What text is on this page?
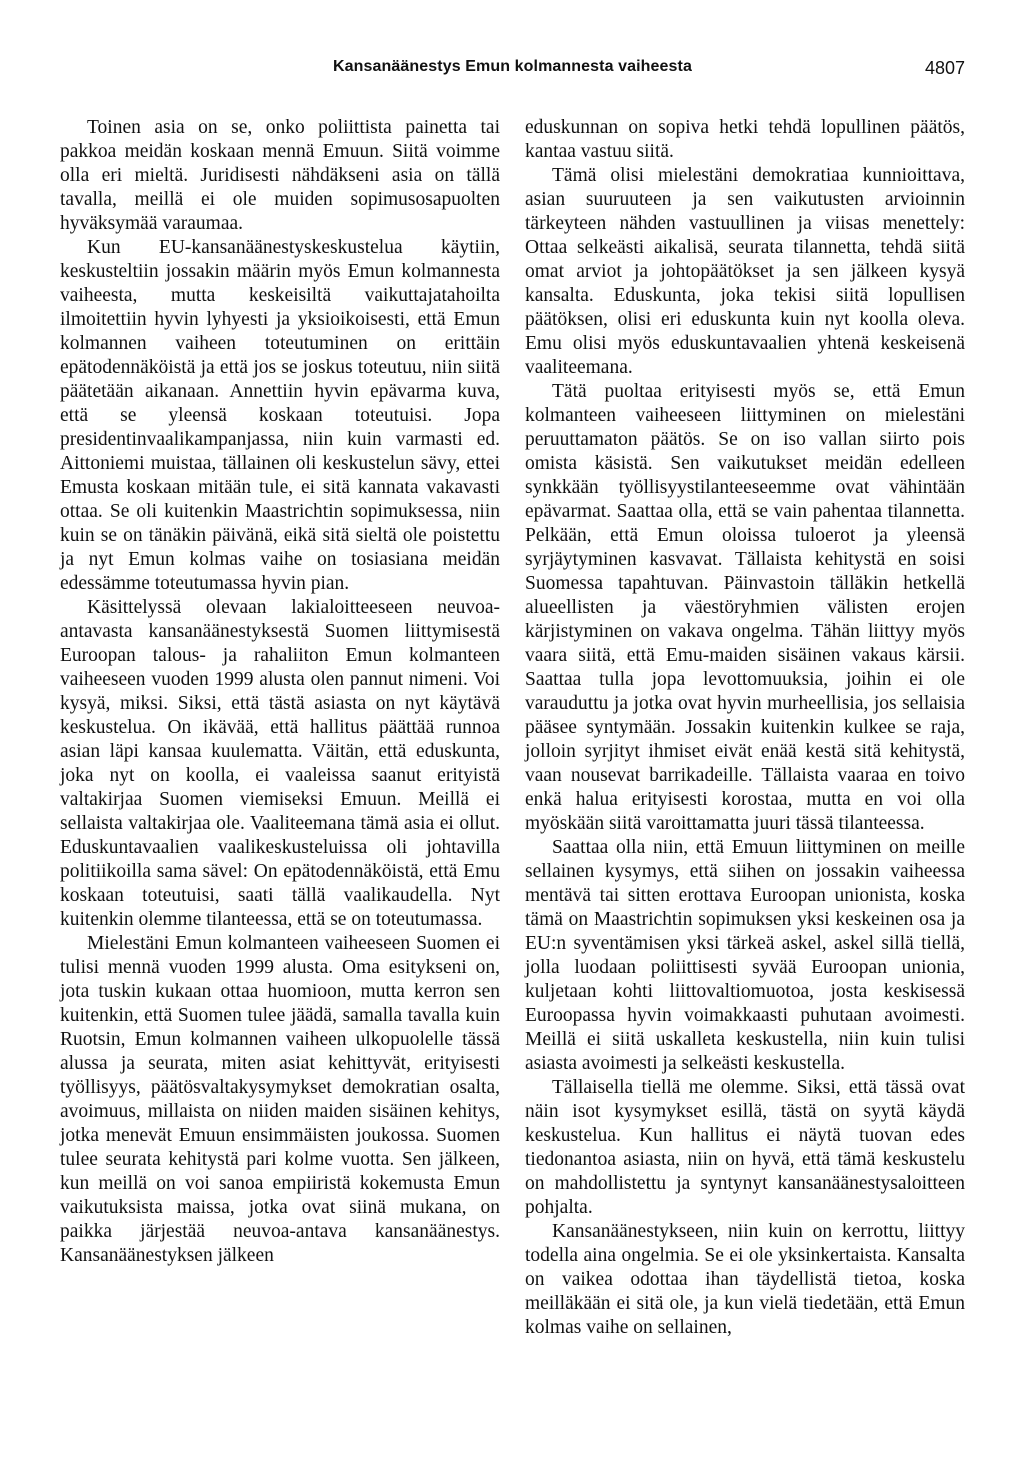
Kansanäänestys Emun kolmannesta vaiheesta	4807

Toinen asia on se, onko poliittista painetta tai pakkoa meidän koskaan mennä Emuun. Siitä voimme olla eri mieltä. Juridisesti nähdäkseni asia on tällä tavalla, meillä ei ole muiden sopimusosapuolten hyväksymää varaumaa.

Kun EU-kansanäänestyskeskustelua käytiin, keskusteltiin jossakin määrin myös Emun kolmannesta vaiheesta, mutta keskeisiltä vaikuttajatahoilta ilmoitettiin hyvin lyhyesti ja yksioikoisesti, että Emun kolmannen vaiheen toteutuminen on erittäin epätodennäköistä ja että jos se joskus toteutuu, niin siitä päätetään aikanaan. Annettiin hyvin epävarma kuva, että se yleensä koskaan toteutuisi. Jopa presidentinvaalikampanjassa, niin kuin varmasti ed. Aittoniemi muistaa, tällainen oli keskustelun sävy, ettei Emusta koskaan mitään tule, ei sitä kannata vakavasti ottaa. Se oli kuitenkin Maastrichtin sopimuksessa, niin kuin se on tänäkin päivänä, eikä sitä sieltä ole poistettu ja nyt Emun kolmas vaihe on tosiasiana meidän edessämme toteutumassa hyvin pian.

Käsittelyssä olevaan lakialoitteeseen neuvoa-antavasta kansanäänestyksestä Suomen liittymisestä Euroopan talous- ja rahaliiton Emun kolmanteen vaiheeseen vuoden 1999 alusta olen pannut nimeni. Voi kysyä, miksi. Siksi, että tästä asiasta on nyt käytävä keskustelua. On ikävää, että hallitus päättää runnoa asian läpi kansaa kuulematta. Väitän, että eduskunta, joka nyt on koolla, ei vaaleissa saanut erityistä valtakirjaa Suomen viemiseksi Emuun. Meillä ei sellaista valtakirjaa ole. Vaaliteemana tämä asia ei ollut. Eduskuntavaalien vaalikeskusteluissa oli johtavilla politiikoilla sama sävel: On epätodennäköistä, että Emu koskaan toteutuisi, saati tällä vaalikaudella. Nyt kuitenkin olemme tilanteessa, että se on toteutumassa.

Mielestäni Emun kolmanteen vaiheeseen Suomen ei tulisi mennä vuoden 1999 alusta. Oma esitykseni on, jota tuskin kukaan ottaa huomioon, mutta kerron sen kuitenkin, että Suomen tulee jäädä, samalla tavalla kuin Ruotsin, Emun kolmannen vaiheen ulkopuolelle tässä alussa ja seurata, miten asiat kehittyvät, erityisesti työllisyys, päätösvaltakysymykset demokratian osalta, avoimuus, millaista on niiden maiden sisäinen kehitys, jotka menevät Emuun ensimmäisten joukossa. Suomen tulee seurata kehitystä pari kolme vuotta. Sen jälkeen, kun meillä on voi sanoa empiiristä kokemusta Emun vaikutuksista maissa, jotka ovat siinä mukana, on paikka järjestää neuvoa-antava kansanäänestys. Kansanäänestyksen jälkeen

eduskunnan on sopiva hetki tehdä lopullinen päätös, kantaa vastuu siitä.

Tämä olisi mielestäni demokratiaa kunnioittava, asian suuruuteen ja sen vaikutusten arvioinnin tärkeyteen nähden vastuullinen ja viisas menettely: Ottaa selkeästi aikalisä, seurata tilannetta, tehdä siitä omat arviot ja johtopäätökset ja sen jälkeen kysyä kansalta. Eduskunta, joka tekisi siitä lopullisen päätöksen, olisi eri eduskunta kuin nyt koolla oleva. Emu olisi myös eduskuntavaalien yhtenä keskeisenä vaaliteemana.

Tätä puoltaa erityisesti myös se, että Emun kolmanteen vaiheeseen liittyminen on mielestäni peruuttamaton päätös. Se on iso vallan siirto pois omista käsistä. Sen vaikutukset meidän edelleen synkkään työllisyystilanteeseemme ovat vähintään epävarmat. Saattaa olla, että se vain pahentaa tilannetta. Pelkään, että Emun oloissa tuloerot ja yleensä syrjäytyminen kasvavat. Tällaista kehitystä en soisi Suomessa tapahtuvan. Päinvastoin tälläkin hetkellä alueellisten ja väestöryhmien välisten erojen kärjistyminen on vakava ongelma. Tähän liittyy myös vaara siitä, että Emu-maiden sisäinen vakaus kärsii. Saattaa tulla jopa levottomuuksia, joihin ei ole varauduttu ja jotka ovat hyvin murheellisia, jos sellaisia pääsee syntymään. Jossakin kuitenkin kulkee se raja, jolloin syrjityt ihmiset eivät enää kestä sitä kehitystä, vaan nousevat barrikadeille. Tällaista vaaraa en toivo enkä halua erityisesti korostaa, mutta en voi olla myöskään siitä varoittamatta juuri tässä tilanteessa.

Saattaa olla niin, että Emuun liittyminen on meille sellainen kysymys, että siihen on jossakin vaiheessa mentävä tai sitten erottava Euroopan unionista, koska tämä on Maastrichtin sopimuksen yksi keskeinen osa ja EU:n syventämisen yksi tärkeä askel, askel sillä tiellä, jolla luodaan poliittisesti syvää Euroopan unionia, kuljetaan kohti liittovaltiomuotoa, josta keskisessä Euroopassa hyvin voimakkaasti puhutaan avoimesti. Meillä ei siitä uskalleta keskustella, niin kuin tulisi asiasta avoimesti ja selkeästi keskustella.

Tällaisella tiellä me olemme. Siksi, että tässä ovat näin isot kysymykset esillä, tästä on syytä käydä keskustelua. Kun hallitus ei näytä tuovan edes tiedonantoa asiasta, niin on hyvä, että tämä keskustelu on mahdollistettu ja syntynyt kansanäänestysaloitteen pohjalta.

Kansanäänestykseen, niin kuin on kerrottu, liittyy todella aina ongelmia. Se ei ole yksinkertaista. Kansalta on vaikea odottaa ihan täydellistä tietoa, koska meilläkään ei sitä ole, ja kun vielä tiedetään, että Emun kolmas vaihe on sellainen,
